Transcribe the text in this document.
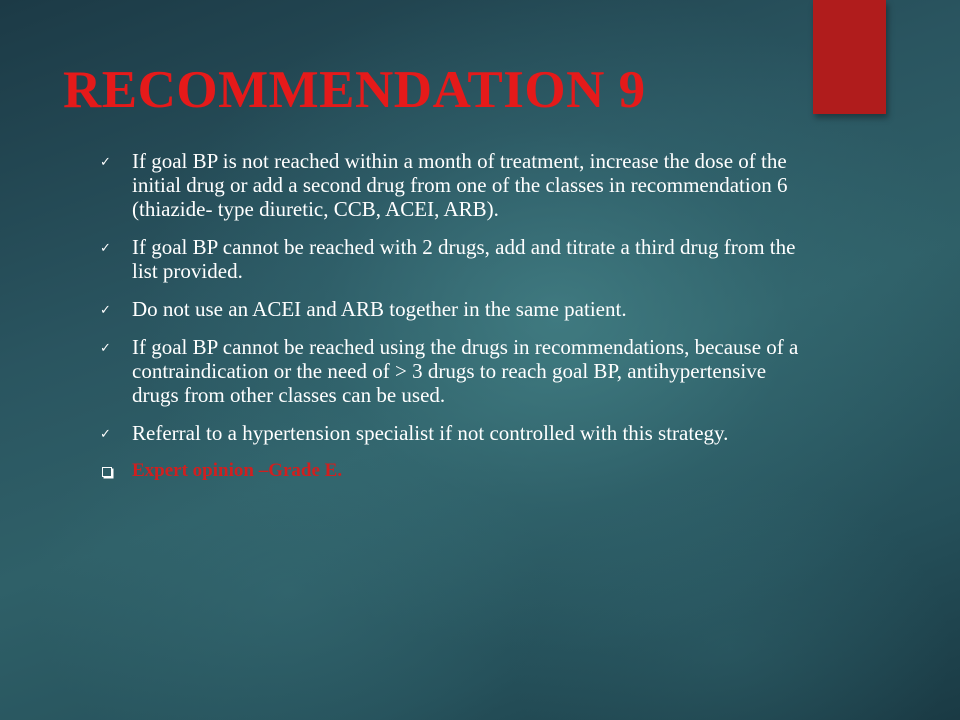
RECOMMENDATION 9
✓ If goal BP is not reached within a month of treatment, increase the dose of the initial drug or add a second drug from one of the classes in recommendation 6 (thiazide- type diuretic, CCB, ACEI, ARB).
✓ If goal BP cannot be reached with 2 drugs, add and titrate a third drug from the list provided.
✓ Do not use an ACEI and ARB together in the same patient.
✓ If goal BP cannot be reached using the drugs in recommendations, because of a contraindication or the need of > 3 drugs to reach goal BP, antihypertensive drugs from other classes can be used.
✓ Referral to a hypertension specialist if not controlled with this strategy.
Expert opinion –Grade E.
